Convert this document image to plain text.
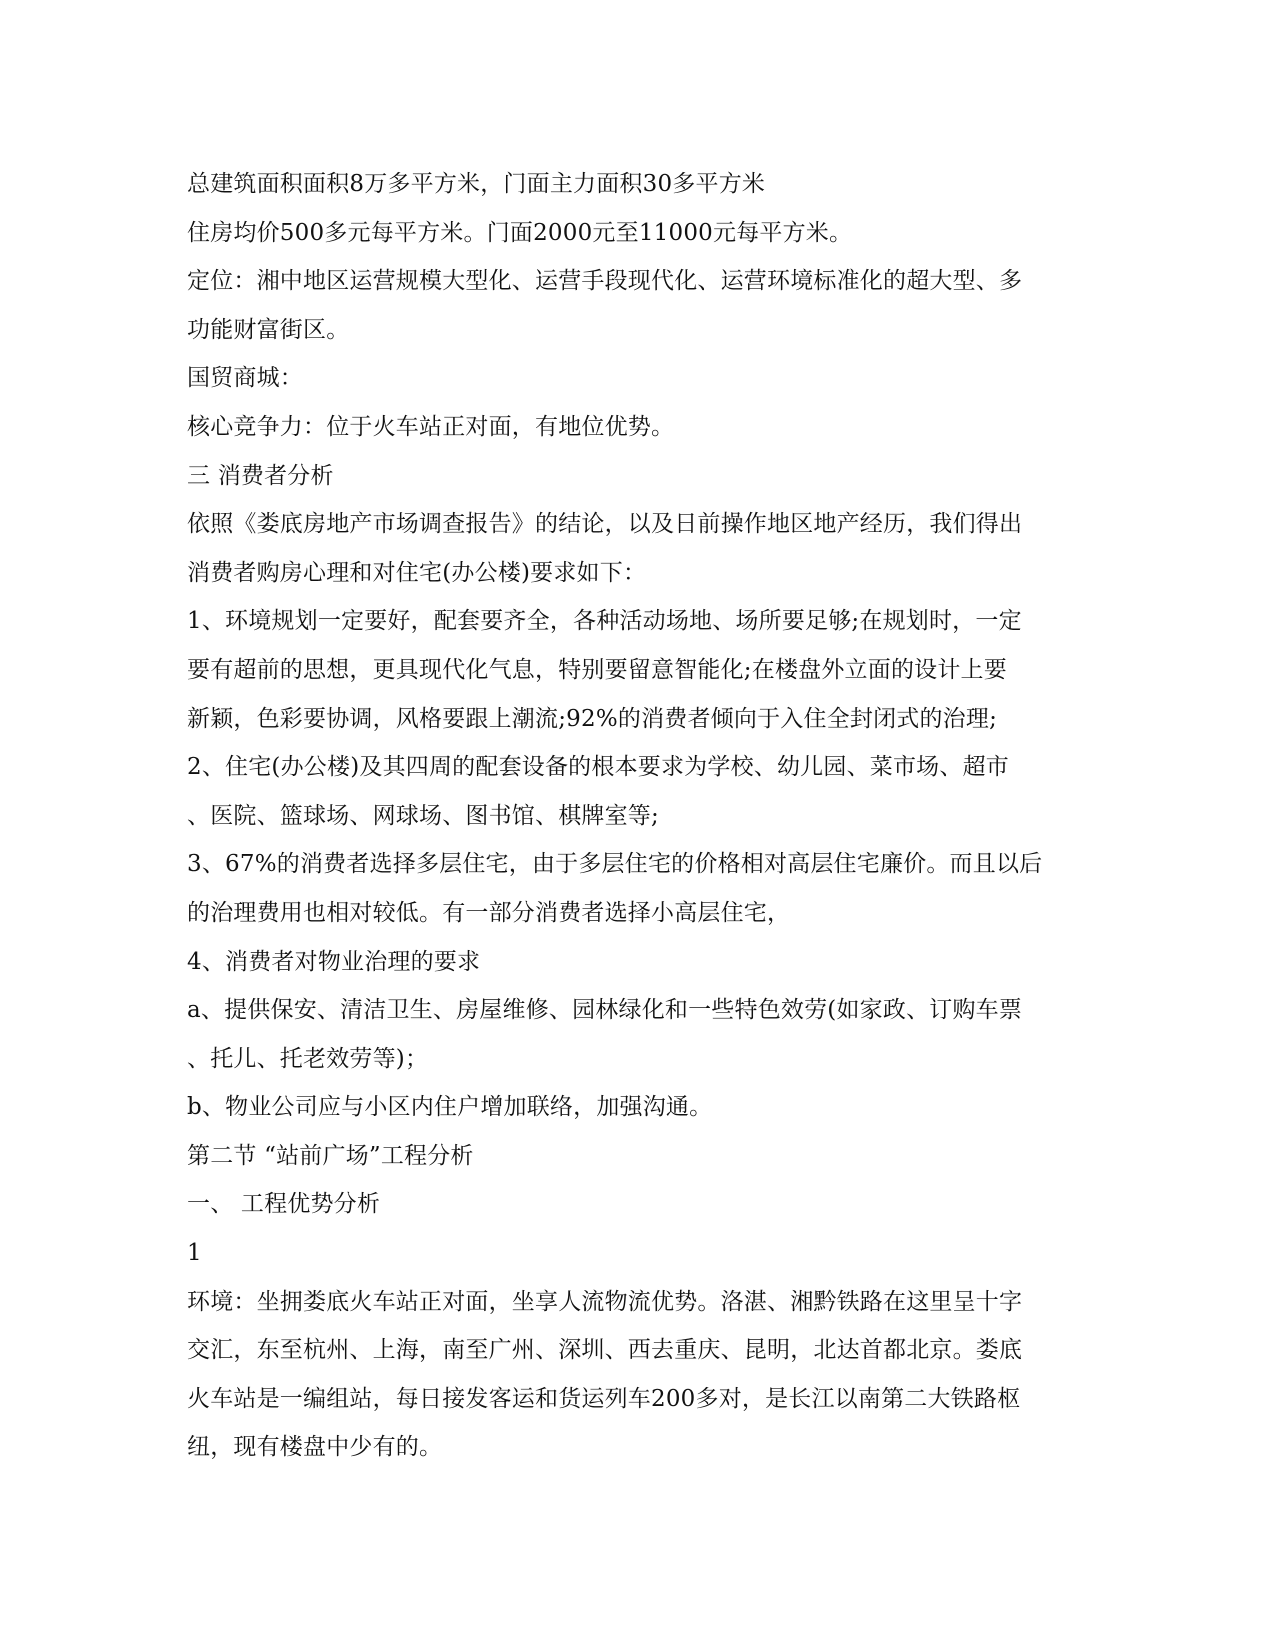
总建筑面积面积8万多平方米，门面主力面积30多平方米
住房均价500多元每平方米。门面2000元至11000元每平方米。
定位：湘中地区运营规模大型化、运营手段现代化、运营环境标准化的超大型、多
功能财富街区。
国贸商城：
核心竞争力：位于火车站正对面，有地位优势。
三 消费者分析
依照《娄底房地产市场调查报告》的结论，以及日前操作地区地产经历，我们得出
消费者购房心理和对住宅(办公楼)要求如下：
1、环境规划一定要好，配套要齐全，各种活动场地、场所要足够;在规划时，一定
要有超前的思想，更具现代化气息，特别要留意智能化;在楼盘外立面的设计上要
新颖，色彩要协调，风格要跟上潮流;92%的消费者倾向于入住全封闭式的治理;
2、住宅(办公楼)及其四周的配套设备的根本要求为学校、幼儿园、菜市场、超市
、医院、篮球场、网球场、图书馆、棋牌室等;
3、67%的消费者选择多层住宅，由于多层住宅的价格相对高层住宅廉价。而且以后
的治理费用也相对较低。有一部分消费者选择小高层住宅，
4、消费者对物业治理的要求
a、提供保安、清洁卫生、房屋维修、园林绿化和一些特色效劳(如家政、订购车票
、托儿、托老效劳等)；
b、物业公司应与小区内住户增加联络，加强沟通。
第二节 “站前广场”工程分析
一、 工程优势分析
1
环境：坐拥娄底火车站正对面，坐享人流物流优势。洛湛、湘黔铁路在这里呈十字
交汇，东至杭州、上海，南至广州、深圳、西去重庆、昆明，北达首都北京。娄底
火车站是一编组站，每日接发客运和货运列车200多对，是长江以南第二大铁路枢
纽，现有楼盘中少有的。
